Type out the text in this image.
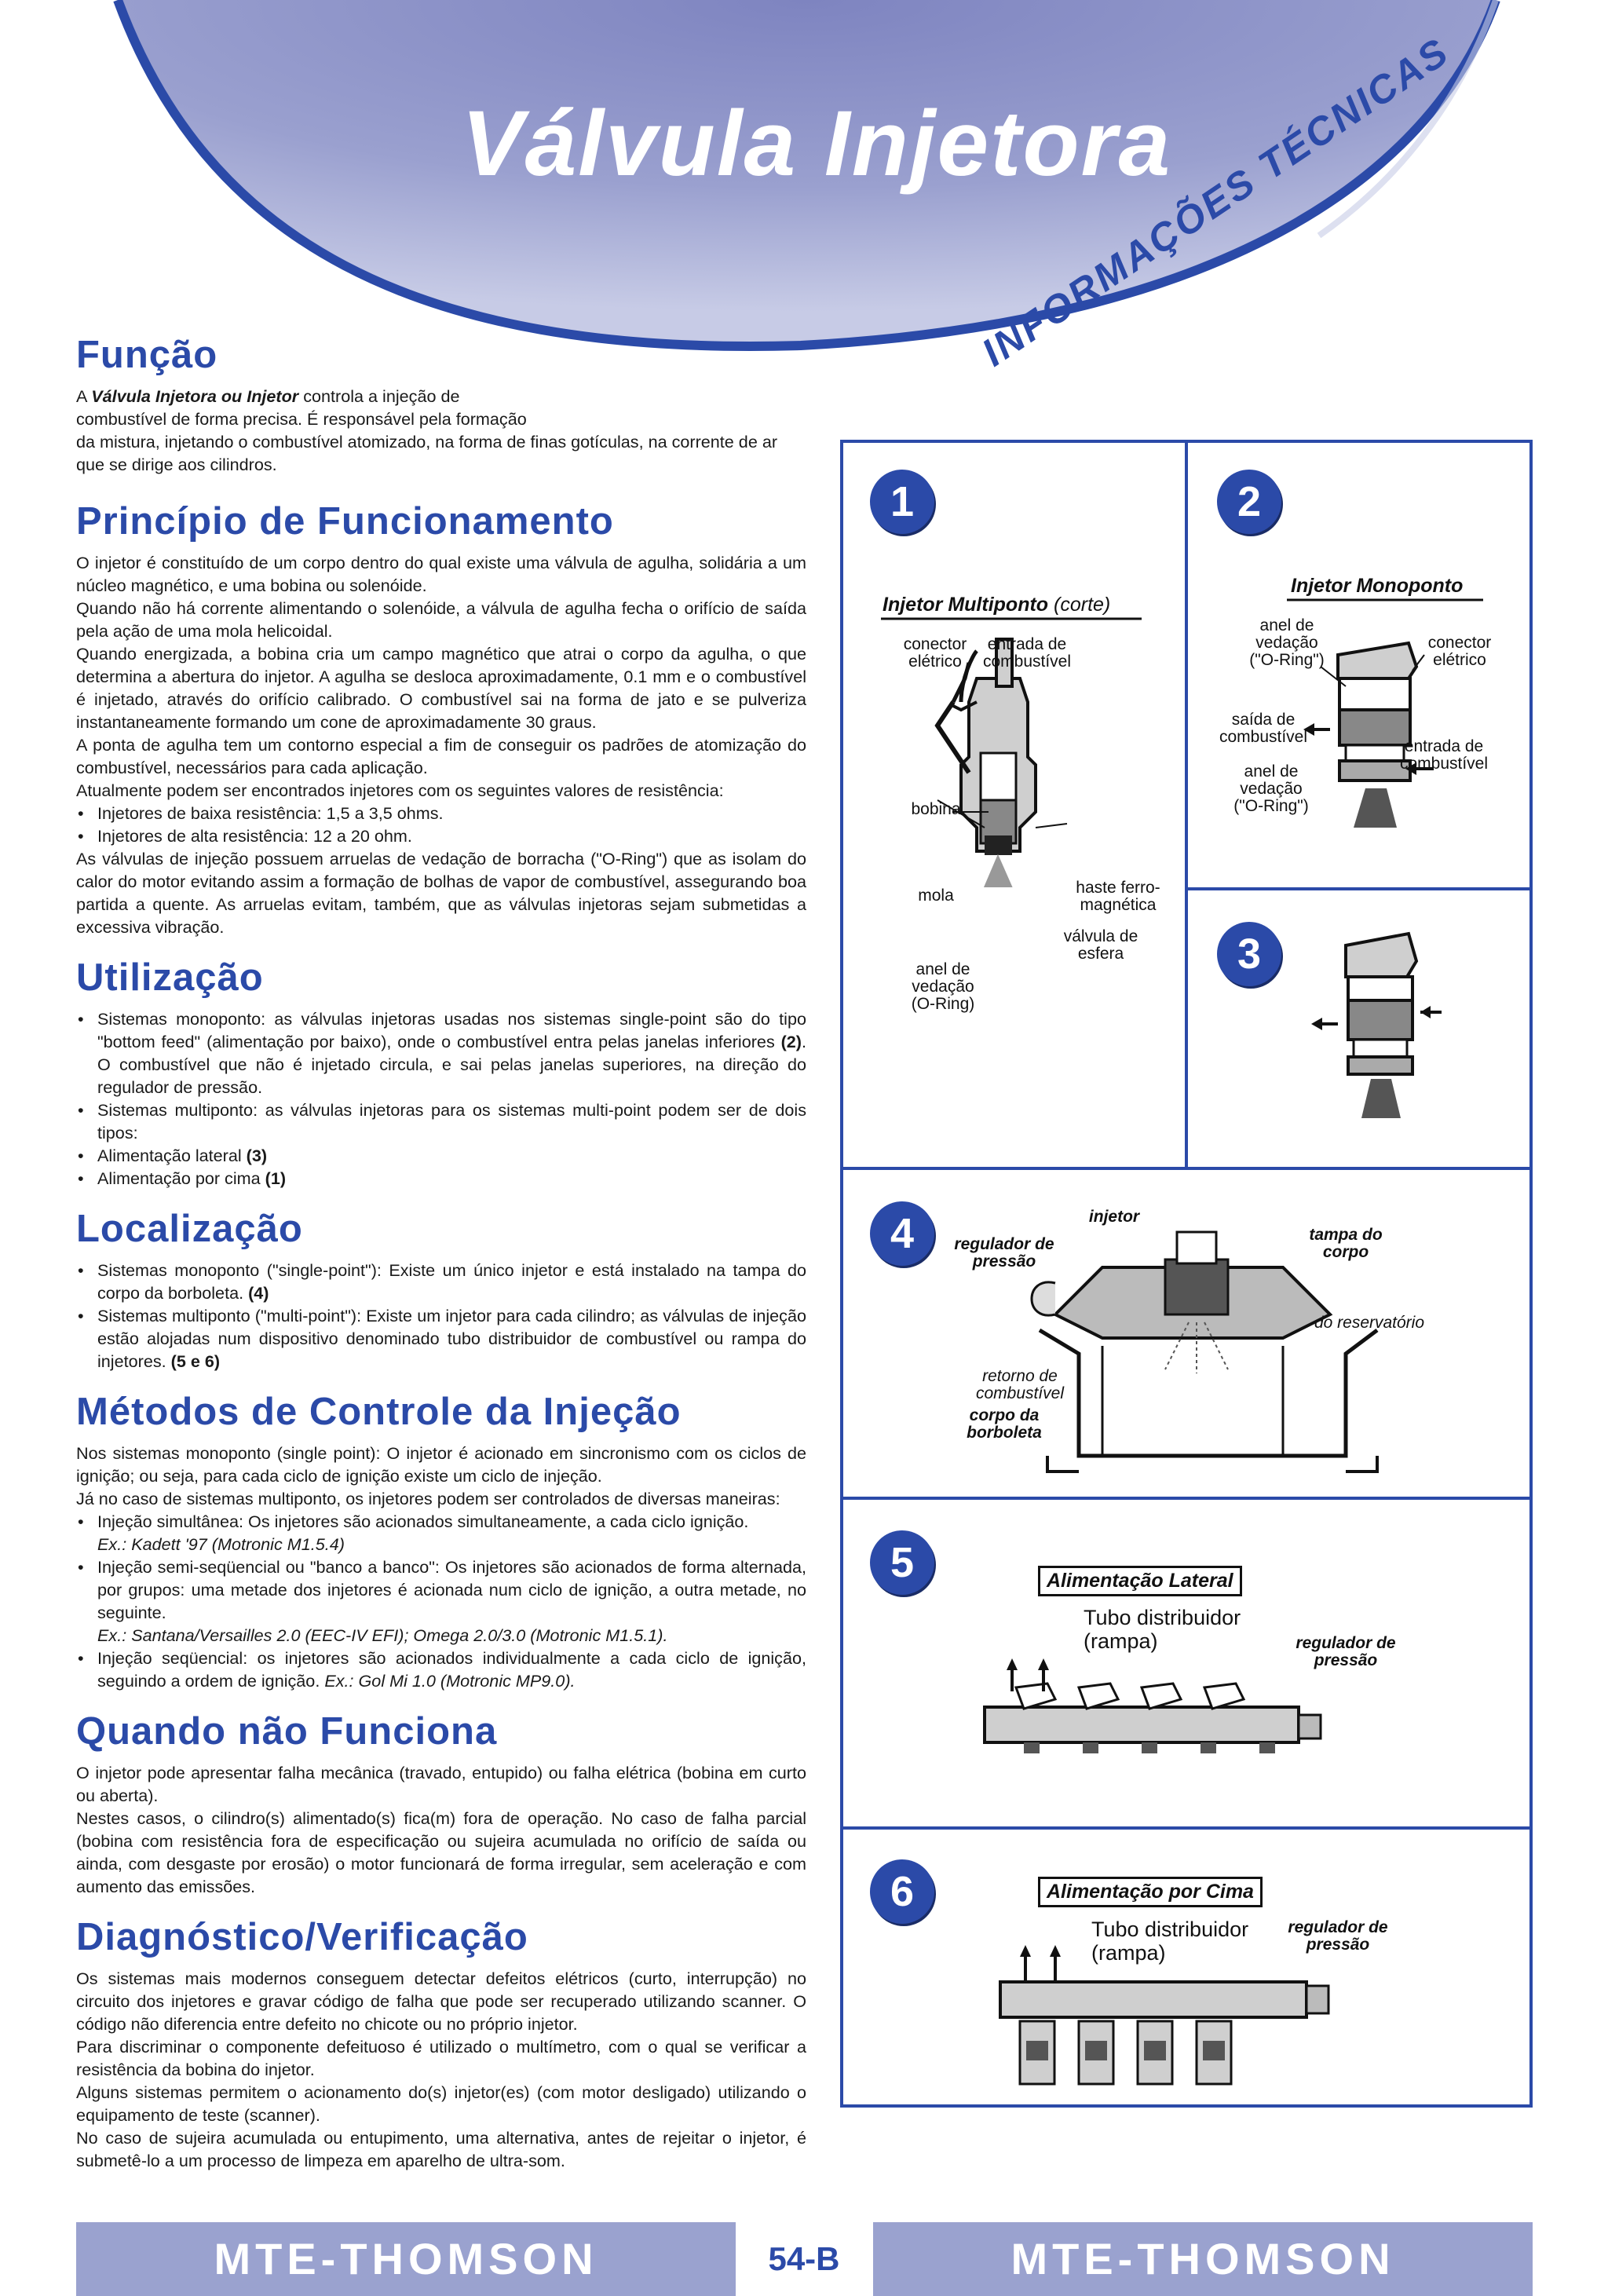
Válvula Injetora
INFORMAÇÕES TÉCNICAS
Função

A Válvula Injetora ou Injetor controla a injeção de
combustível de forma precisa. É responsável pela formação
da mistura, injetando o combustível atomizado, na forma de finas gotículas, na corrente de ar que se dirige aos cilindros.

Princípio de Funcionamento

O injetor é constituído de um corpo dentro do qual existe uma válvula de agulha, solidária a um núcleo magnético, e uma bobina ou solenóide.

Quando não há corrente alimentando o solenóide, a válvula de agulha fecha o orifício de saída pela ação de uma mola helicoidal.

Quando energizada, a bobina cria um campo magnético que atrai o corpo da agulha, o que determina a abertura do injetor. A agulha se desloca aproximadamente, 0.1 mm e o combustível é injetado, através do orifício calibrado. O combustível sai na forma de jato e se pulveriza instantaneamente formando um cone de aproximadamente 30 graus.

A ponta de agulha tem um contorno especial a fim de conseguir os padrões de atomização do combustível, necessários para cada aplicação.

Atualmente podem ser encontrados injetores com os seguintes valores de resistência:

• Injetores de baixa resistência: 1,5 a 3,5 ohms.
• Injetores de alta resistência: 12 a 20 ohm.

As válvulas de injeção possuem arruelas de vedação de borracha ("O-Ring") que as isolam do calor do motor evitando assim a formação de bolhas de vapor de combustível, assegurando boa partida a quente. As arruelas evitam, também, que as válvulas injetoras sejam submetidas a excessiva vibração.

Utilização
• Sistemas monoponto: as válvulas injetoras usadas nos sistemas single-point são do tipo "bottom feed" (alimentação por baixo), onde o combustível entra pelas janelas inferiores (2). O combustível que não é injetado circula, e sai pelas janelas superiores, na direção do regulador de pressão.
• Sistemas multiponto: as válvulas injetoras para os sistemas multi-point podem ser de dois tipos:
• Alimentação lateral (3)
• Alimentação por cima (1)
Localização
• Sistemas monoponto ("single-point"): Existe um único injetor e está instalado na tampa do corpo da borboleta. (4)
• Sistemas multiponto ("multi-point"): Existe um injetor para cada cilindro; as válvulas de injeção estão alojadas num dispositivo denominado tubo distribuidor de combustível ou rampa do injetores. (5 e 6)
Métodos de Controle da Injeção

Nos sistemas monoponto (single point): O injetor é acionado em sincronismo com os ciclos de ignição; ou seja, para cada ciclo de ignição existe um ciclo de injeção.

Já no caso de sistemas multiponto, os injetores podem ser controlados de diversas maneiras:

• Injeção simultânea: Os injetores são acionados simultaneamente, a cada ciclo ignição.
Ex.: Kadett '97 (Motronic M1.5.4)
• Injeção semi-seqüencial ou "banco a banco": Os injetores são acionados de forma alternada, por grupos: uma metade dos injetores é acionada num ciclo de ignição, a outra metade, no seguinte.
Ex.: Santana/Versailles 2.0 (EEC-IV EFI); Omega 2.0/3.0 (Motronic M1.5.1).
• Injeção seqüencial: os injetores são acionados individualmente a cada ciclo de ignição, seguindo a ordem de ignição. Ex.: Gol Mi 1.0 (Motronic MP9.0).
Quando não Funciona

O injetor pode apresentar falha mecânica (travado, entupido) ou falha elétrica (bobina em curto ou aberta).

Nestes casos, o cilindro(s) alimentado(s) fica(m) fora de operação. No caso de falha parcial (bobina com resistência fora de especificação ou sujeira acumulada no orifício de saída ou ainda, com desgaste por erosão) o motor funcionará de forma irregular, sem aceleração e com aumento das emissões.

Diagnóstico/Verificação

Os sistemas mais modernos conseguem detectar defeitos elétricos (curto, interrupção) no circuito dos injetores e gravar código de falha que pode ser recuperado utilizando scanner. O código não diferencia entre defeito no chicote ou no próprio injetor.

Para discriminar o componente defeituoso é utilizado o multímetro, com o qual se verificar a resistência da bobina do injetor.

Alguns sistemas permitem o acionamento do(s) injetor(es) (com motor desligado) utilizando o equipamento de teste (scanner).

No caso de sujeira acumulada ou entupimento, uma alternativa, antes de rejeitar o injetor, é submetê-lo a um processo de limpeza em aparelho de ultra-som.

1
Injetor Multiponto (corte)
conector
elétrico
entrada de
combustível
bobina
mola	haste ferro-
magnética
válvula de
esfera
anel de
vedação
(O-Ring)
2
Injetor Monoponto
anel de
vedação
("O-Ring")
conector
elétrico
saída de
combustível
entrada de
combustível
anel de
vedação
("O-Ring")
3
4	injetor
regulador de
pressão
tampa do
corpo
do reservatório
retorno de
combustível
corpo da
borboleta
5	Alimentação Lateral
Tubo distribuidor
(rampa)	regulador de
pressão
6	Alimentação por Cima
Tubo distribuidor
(rampa)
regulador de
pressão
MTE-THOMSON	54-B	MTE-THOMSON
